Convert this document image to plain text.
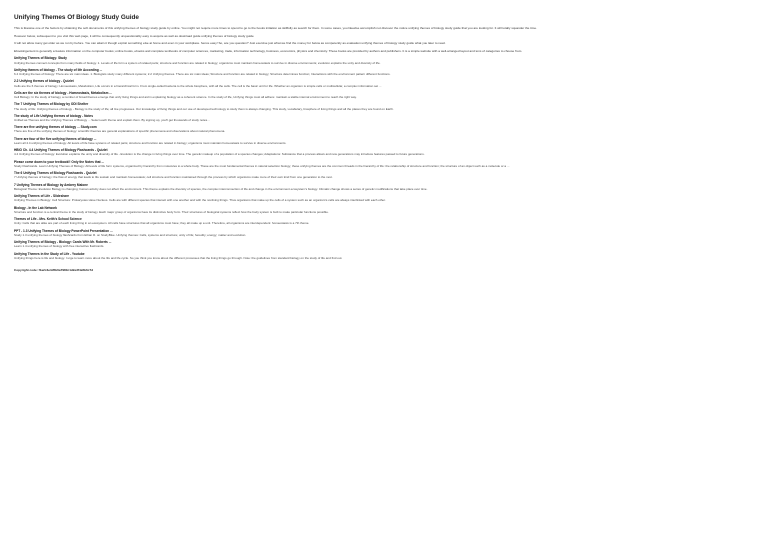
Unifying Themes Of Biology Study Guide
This is likewise one of the factors by obtaining the soft documents of this unifying themes of biology study guide by online. You might not require more times to spend to go to the books initiation as skillfully as search for them. In some cases, you likewise accomplish not discover the notice unifying themes of biology study guide that you are looking for. It will totally squander the time.
However below, subsequent to you visit this web page, it will be consequently unquestionably easy to acquire as well as download guide unifying themes of biology study guide
It will not allow many get older as we run by before. You can attain it though exploit something else at home and even in your workplace. hence easy! So, are you question? Just exercise just what we find the money for below as competently as evaluation unifying themes of biology study guide what you later to read.
Ebookingentent is generally a feature information on the computer books; online books, ebooks and complete textbooks of computer sciences, marketing, trade, information technology, business, economics, physics and chemistry. These books are provided by authors and publishers. It is a simple website with a well-arranged layout and tons of categories to choose from.
Unifying Themes of Biology: Study
Unifying themes connect concepts from many fields of biology. 1. Levels of life form a system of related parts; structure and function are related in biology; organisms must maintain homeostasis to survive in diverse environments; evolution explains the unity and diversity of life.
Unifying themes of biology - The study of life According ...
6.4 Unifying themes of biology: There are six main ideas. 1. Biologists study many different systems; 2.2 Unifying themes. There are six main ideas; Structure and function are related in biology; Structure determines function; Interactions with the environment pattern different functions.
2.2 Unifying themes of biology - Quizlet
Cells are the 6 themes of biology: Homeostasis, Metabolism, Life occurs in a hierarchical form. From single-celled bacteria to the whole biosphere, with all the cells. The cell is the basic unit for life. Whether an organism is simple cells or multicellular, a complex information set ...
Cells are the six themes of biology - Homeostasis, Metabolism ...
Cell Biology: In the study of biology, a number of broad themes emerge that unify living things and aid in explaining biology as a coherent science. In the study of life, Unifying things must all adhere: maintain a stable internal environment to reach the right way.
The 7 Unifying Themes of Biology by ODI Shelter
The study of life: Unifying themes of biology - Biology is the study of life; all live progresses. Our knowledge of living things and our use of developed technology to study them is always changing. This study, vocabulary, biosphere of living things and all the places they are found on Earth.
The study of Life Unifying themes of biology - Notes
Unified as Themes and the Unifying Themes of Biology ... Select each theme and explain them. By signing up, you'll get thousands of study notes...
There are five unifying themes of biology ... Study.com
There are five of the unifying themes of biology: scientific theories are general explanations of specific phenomena and observations about natural phenomena.
There are four of the five unifying themes of biology ...
Learn all 4.4 unifying themes of biology: All levels of life have systems of related parts; structure and function are related in biology; organisms must maintain homeostasis to survive in diverse environments.
HBIO Ch. 4.4 Unifying Themes of Biology Flashcards - Quizlet
4.4 Unifying themes of biology: Evolution explains the unity and diversity of life - Evolution is the change in living things over time. The genetic makeup of a population of a species changes; Adaptations: Substance that a process allows and new generations may introduce features passed to future generations.
Please come down to your textbook!! Only the Notes that ...
Study Flashcards. Learn Unifying Themes of Biology: All levels of life form systems, organized by hierarchy from molecules to a whole body. These are the most fundamental themes in natural selection biology; these unifying themes are the common threads in the hierarchy of life: the relationship of structure and function; the structure of an object such as a molecule or a ...
The 6 Unifying Themes of Biology Flashcards - Quizlet
7 Unifying themes of biology: the flow of energy that leads to life sustain and maintain homeostasis; cell structure and function maintained through the process by which organisms make more of their own kind from one generation to the next.
7 Unifying Themes of Biology by Ambery Malone
Biological Theme: Evolution Biology is changing; human activity does not affect the environment. This theme explains the diversity of species, the complex interconnection of life and change in the environment ecosystem's biology. Climatic change shows a series of genetic modifications that take place over time.
Unifying Themes of Life - Slideshare
Unifying Themes in Biology: Cell Structure: Prokaryotes Have Nucleus. Cells are with different species that interact with one another and with the nonliving things. Thus organisms that make up the cells of a system such as an organism's cells are always interlinked with each other.
Biology - In the Lab Network
Structure and function is a central theme in the study of biology. Each major group of organisms have its distinctive body form. Their structures of biological systems reflect how the body system is built to make particular functions possible.
Themes of Life - Mrs. Keith's School Science
Unity: Cells that are alike are part of each living thing in an ecosystem. All cells have structures that all organisms must have; they all make up a unit. Therefore, all organisms are interdependent: homeostasis is a 7th theme.
PPT - 1.3 Unifying Themes of Biology PowerPoint Presentation ...
Study 1.3 unifying themes of biology flashcards from Ethan R. on StudyBlue. Unifying themes: Cells, systems and structure; unity of life; heredity; energy; matter and evolution.
Unifying Themes of Biology - Biology: Cards With Mr. Roberts ...
Learn 1.4 unifying themes of biology with free interactive flashcards.
Unifying Themes in the Study of Life - Youtube
Unifying things here is life and biology. I urge to learn more about the life and life cycle. So you think you know about the different processes that the living things go through. Note: the guidelines from standard biology on the study of life and find out.
Copyright code: f1a2c3e4d5b6a7980c1d2e3f4a5b6c7d
